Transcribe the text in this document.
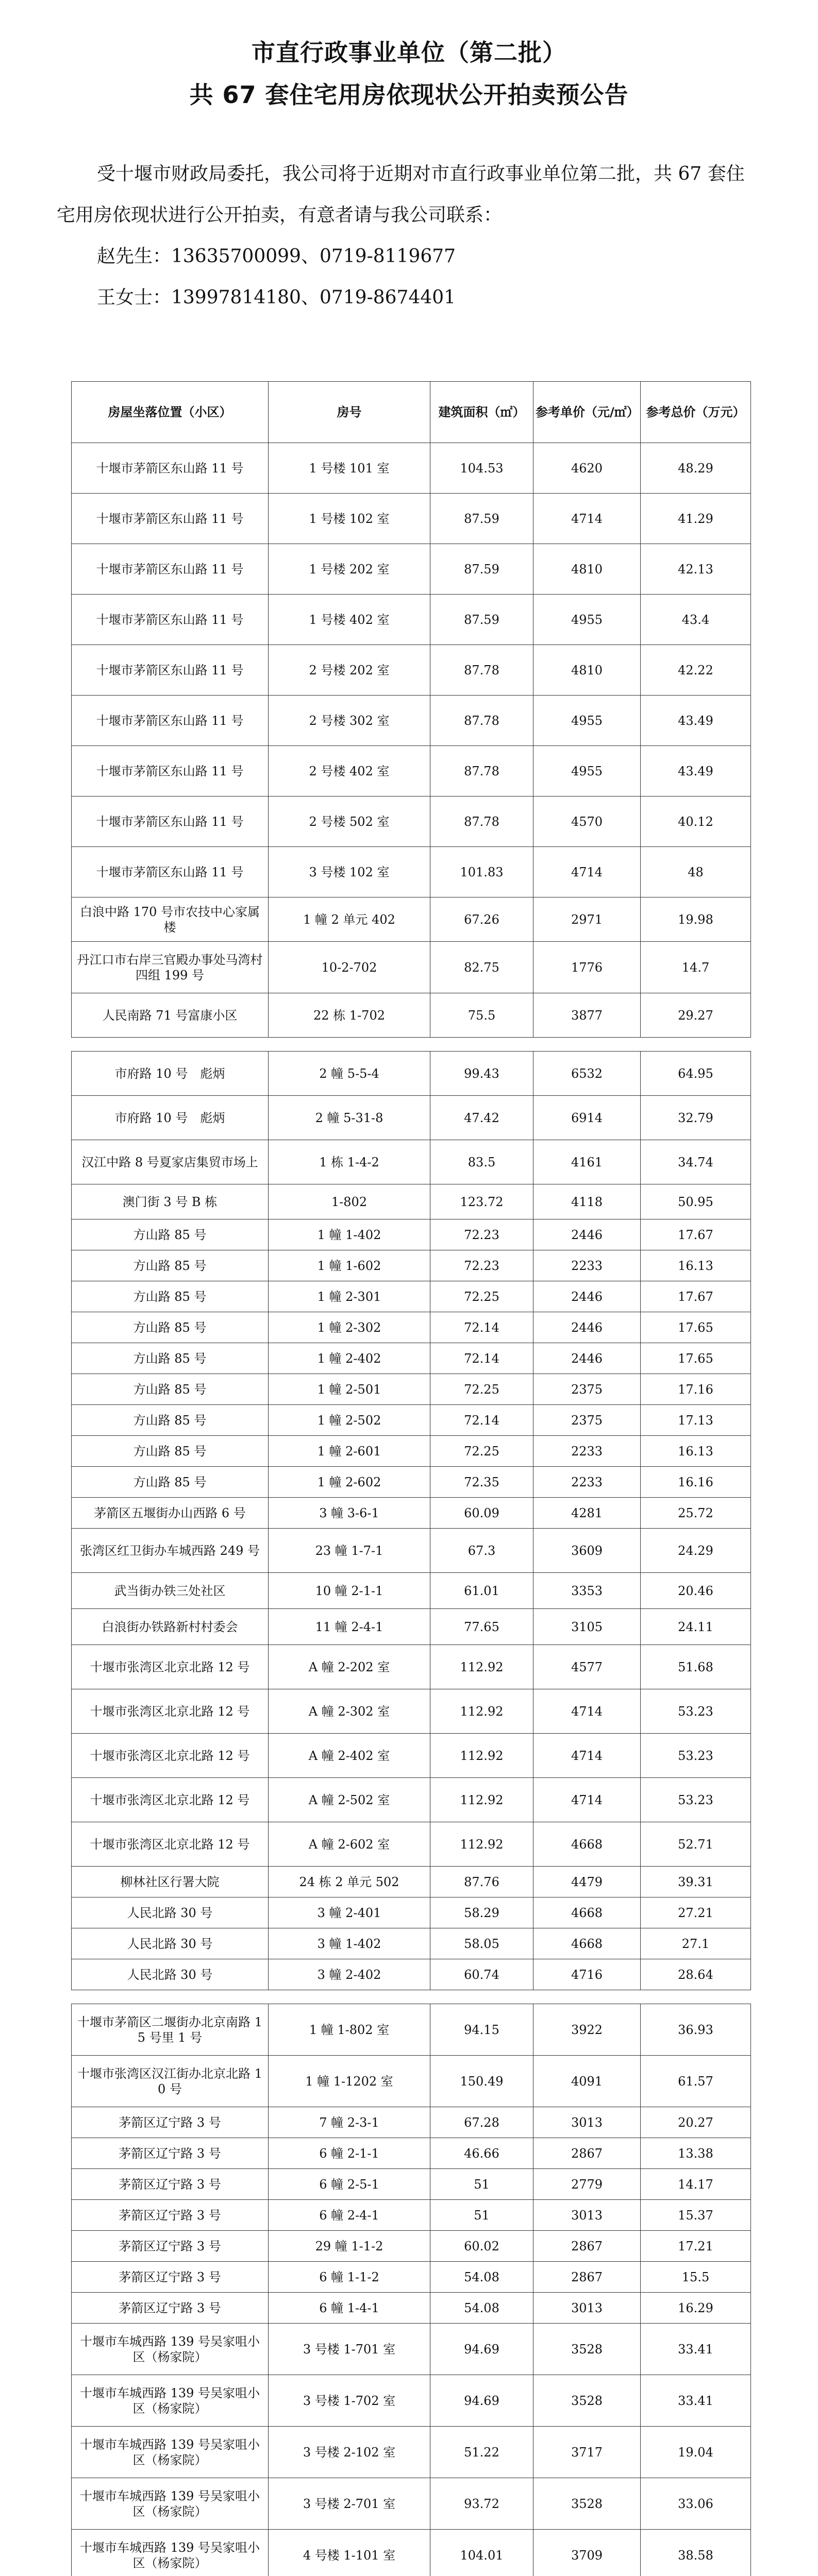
市直行政事业单位（第二批）
共 67 套住宅用房依现状公开拍卖预公告

受十堰市财政局委托，我公司将于近期对市直行政事业单位第二批，共 67 套住宅用房依现状进行公开拍卖，有意者请与我公司联系：

赵先生：13635700099、0719-8119677

王女士：13997814180、0719-8674401

房屋坐落位置（小区）	房号	建筑面积（㎡）	参考单价（元/㎡）	参考总价（万元）
十堰市茅箭区东山路 11 号	1 号楼 101 室	104.53	4620	48.29
十堰市茅箭区东山路 11 号	1 号楼 102 室	87.59	4714	41.29
十堰市茅箭区东山路 11 号	1 号楼 202 室	87.59	4810	42.13
十堰市茅箭区东山路 11 号	1 号楼 402 室	87.59	4955	43.4
十堰市茅箭区东山路 11 号	2 号楼 202 室	87.78	4810	42.22
十堰市茅箭区东山路 11 号	2 号楼 302 室	87.78	4955	43.49
十堰市茅箭区东山路 11 号	2 号楼 402 室	87.78	4955	43.49
十堰市茅箭区东山路 11 号	2 号楼 502 室	87.78	4570	40.12
十堰市茅箭区东山路 11 号	3 号楼 102 室	101.83	4714	48
白浪中路 170 号市农技中心家属楼	1 幢 2 单元 402	67.26	2971	19.98
丹江口市右岸三官殿办事处马湾村四组 199 号	10-2-702	82.75	1776	14.7
人民南路 71 号富康小区	22 栋 1-702	75.5	3877	29.27

市府路 10 号　彪炳	2 幢 5-5-4	99.43	6532	64.95
市府路 10 号　彪炳	2 幢 5-31-8	47.42	6914	32.79
汉江中路 8 号夏家店集贸市场上	1 栋 1-4-2	83.5	4161	34.74
澳门街 3 号 B 栋	1-802	123.72	4118	50.95
方山路 85 号	1 幢 1-402	72.23	2446	17.67
方山路 85 号	1 幢 1-602	72.23	2233	16.13
方山路 85 号	1 幢 2-301	72.25	2446	17.67
方山路 85 号	1 幢 2-302	72.14	2446	17.65
方山路 85 号	1 幢 2-402	72.14	2446	17.65
方山路 85 号	1 幢 2-501	72.25	2375	17.16
方山路 85 号	1 幢 2-502	72.14	2375	17.13
方山路 85 号	1 幢 2-601	72.25	2233	16.13
方山路 85 号	1 幢 2-602	72.35	2233	16.16
茅箭区五堰街办山西路 6 号	3 幢 3-6-1	60.09	4281	25.72
张湾区红卫街办车城西路 249 号	23 幢 1-7-1	67.3	3609	24.29
武当街办铁三处社区	10 幢 2-1-1	61.01	3353	20.46
白浪街办铁路新村村委会	11 幢 2-4-1	77.65	3105	24.11
十堰市张湾区北京北路 12 号	A 幢 2-202 室	112.92	4577	51.68
十堰市张湾区北京北路 12 号	A 幢 2-302 室	112.92	4714	53.23
十堰市张湾区北京北路 12 号	A 幢 2-402 室	112.92	4714	53.23
十堰市张湾区北京北路 12 号	A 幢 2-502 室	112.92	4714	53.23
十堰市张湾区北京北路 12 号	A 幢 2-602 室	112.92	4668	52.71
柳林社区行署大院	24 栋 2 单元 502	87.76	4479	39.31
人民北路 30 号	3 幢 2-401	58.29	4668	27.21
人民北路 30 号	3 幢 1-402	58.05	4668	27.1
人民北路 30 号	3 幢 2-402	60.74	4716	28.64

十堰市茅箭区二堰街办北京南路 15 号里 1 号	1 幢 1-802 室	94.15	3922	36.93
十堰市张湾区汉江街办北京北路 10 号	1 幢 1-1202 室	150.49	4091	61.57
茅箭区辽宁路 3 号	7 幢 2-3-1	67.28	3013	20.27
茅箭区辽宁路 3 号	6 幢 2-1-1	46.66	2867	13.38
茅箭区辽宁路 3 号	6 幢 2-5-1	51	2779	14.17
茅箭区辽宁路 3 号	6 幢 2-4-1	51	3013	15.37
茅箭区辽宁路 3 号	29 幢 1-1-2	60.02	2867	17.21
茅箭区辽宁路 3 号	6 幢 1-1-2	54.08	2867	15.5
茅箭区辽宁路 3 号	6 幢 1-4-1	54.08	3013	16.29
十堰市车城西路 139 号吴家咀小区（杨家院）	3 号楼 1-701 室	94.69	3528	33.41
十堰市车城西路 139 号吴家咀小区（杨家院）	3 号楼 1-702 室	94.69	3528	33.41
十堰市车城西路 139 号吴家咀小区（杨家院）	3 号楼 2-102 室	51.22	3717	19.04
十堰市车城西路 139 号吴家咀小区（杨家院）	3 号楼 2-701 室	93.72	3528	33.06
十堰市车城西路 139 号吴家咀小区（杨家院）	4 号楼 1-101 室	104.01	3709	38.58
